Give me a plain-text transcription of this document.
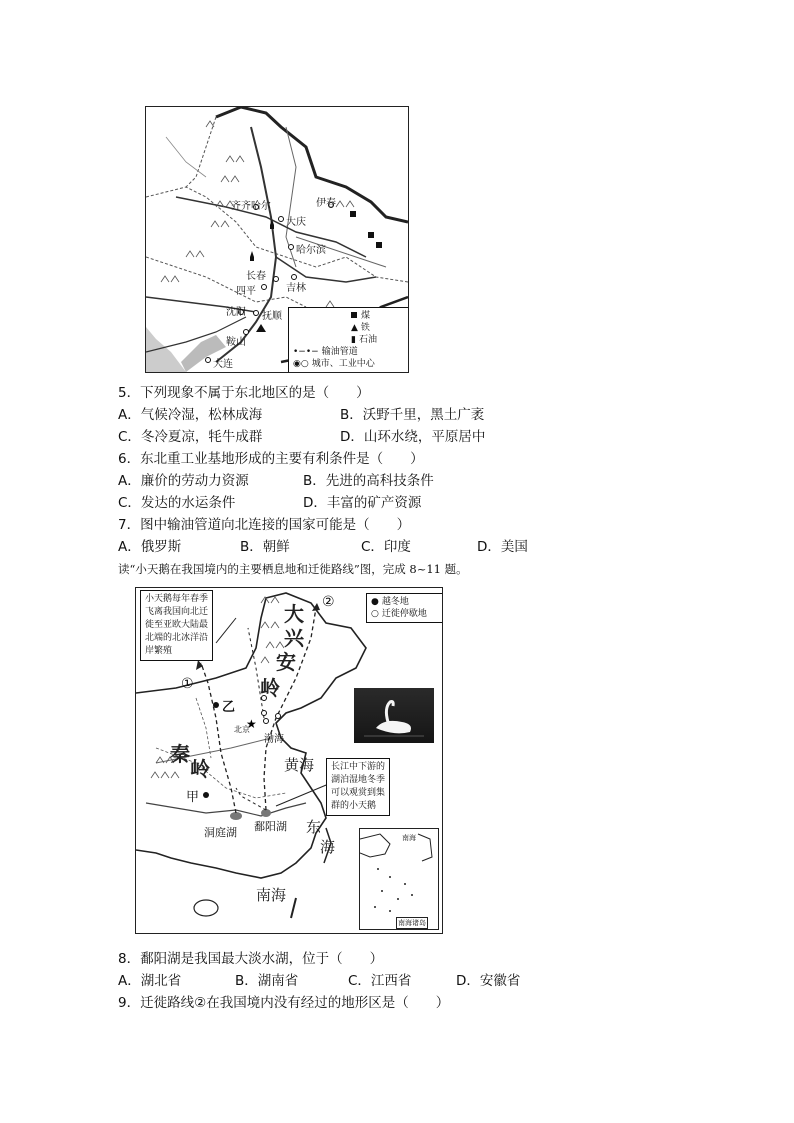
齐齐哈尔
大庆
伊春
哈尔滨
长春
吉林
四平
沈阳 抚顺
鞍山
大连
煤
▲ 铁
▮ 石油
•−•− 输油管道
◉○ 城市、工业中心
5．下列现象不属于东北地区的是（　　）
A．气候冷湿，松林成海	B．沃野千里，黑土广袤
C．冬冷夏凉，牦牛成群	D．山环水绕，平原居中
6．东北重工业基地形成的主要有利条件是（　　）
A．廉价的劳动力资源	B．先进的高科技条件
C．发达的水运条件	D．丰富的矿产资源
7．图中输油管道向北连接的国家可能是（　　）
A．俄罗斯	B．朝鲜	C．印度	D．美国
读“小天鹅在我国境内的主要栖息地和迁徙路线”图，完成 8~11 题。
★
小天鹅每年春季
飞离我国向北迁
徙至亚欧大陆最
北端的北冰洋沿
岸繁殖
长江中下游的
湖泊湿地冬季
可以观赏到集
群的小天鹅
● 越冬地
○ 迁徙停歇地
②
①
大
兴
安
岭
秦
岭
甲
乙
北京
渤海
黄海
东
海
南海
洞庭湖 鄱阳湖
南海
南海诸岛
8．鄱阳湖是我国最大淡水湖，位于（　　）
A．湖北省	B．湖南省	C．江西省	D．安徽省
9．迁徙路线②在我国境内没有经过的地形区是（　　）
